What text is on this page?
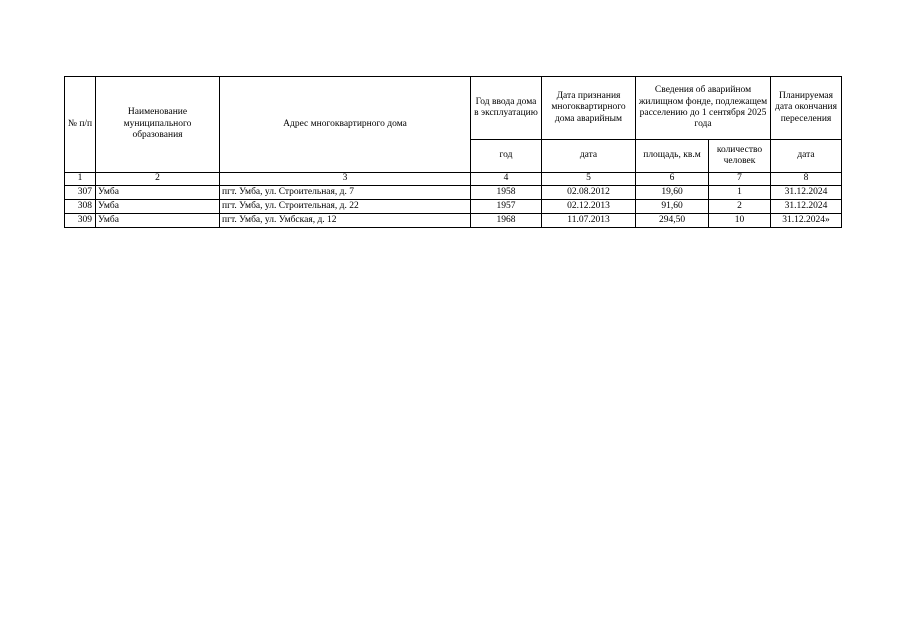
№ п/п	Наименование муниципального образования	Адрес многоквартирного дома	Год ввода дома в эксплуатацию	Дата признания многоквартирного дома аварийным	Сведения об аварийном жилищном фонде, подлежащем расселению до 1 сентября 2025 года		Планируемая дата окончания переселения
			год	дата	площадь, кв.м	количество человек	дата
1	2	3	4	5	6	7	8
307	Умба	пгт. Умба, ул. Строительная, д. 7	1958	02.08.2012	19,60	1	31.12.2024
308	Умба	пгт. Умба, ул. Строительная, д. 22	1957	02.12.2013	91,60	2	31.12.2024
309	Умба	пгт. Умба, ул. Умбская, д. 12	1968	11.07.2013	294,50	10	31.12.2024»
